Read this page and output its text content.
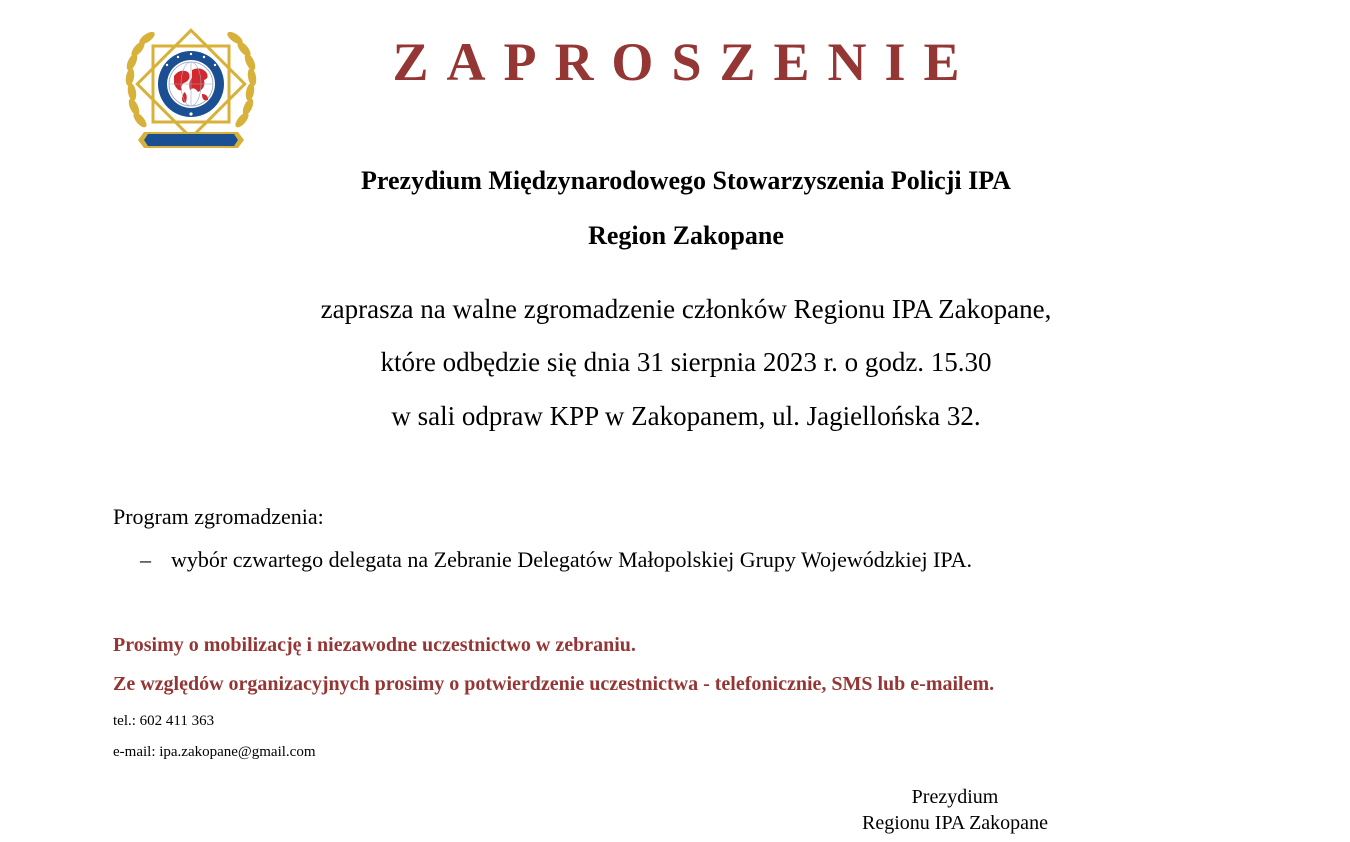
ZAPROSZENIE
Prezydium Międzynarodowego Stowarzyszenia Policji IPA
Region Zakopane
zaprasza na walne zgromadzenie członków Regionu IPA Zakopane,
które odbędzie się dnia 31 sierpnia 2023 r. o godz. 15.30
w sali odpraw KPP w Zakopanem, ul. Jagiellońska 32.
Program zgromadzenia:
– wybór czwartego delegata na Zebranie Delegatów Małopolskiej Grupy Wojewódzkiej IPA.
Prosimy o mobilizację i niezawodne uczestnictwo w zebraniu.
Ze względów organizacyjnych prosimy o potwierdzenie uczestnictwa - telefonicznie, SMS lub e-mailem.
tel.: 602 411 363
e-mail: ipa.zakopane@gmail.com
Prezydium
Regionu IPA Zakopane
